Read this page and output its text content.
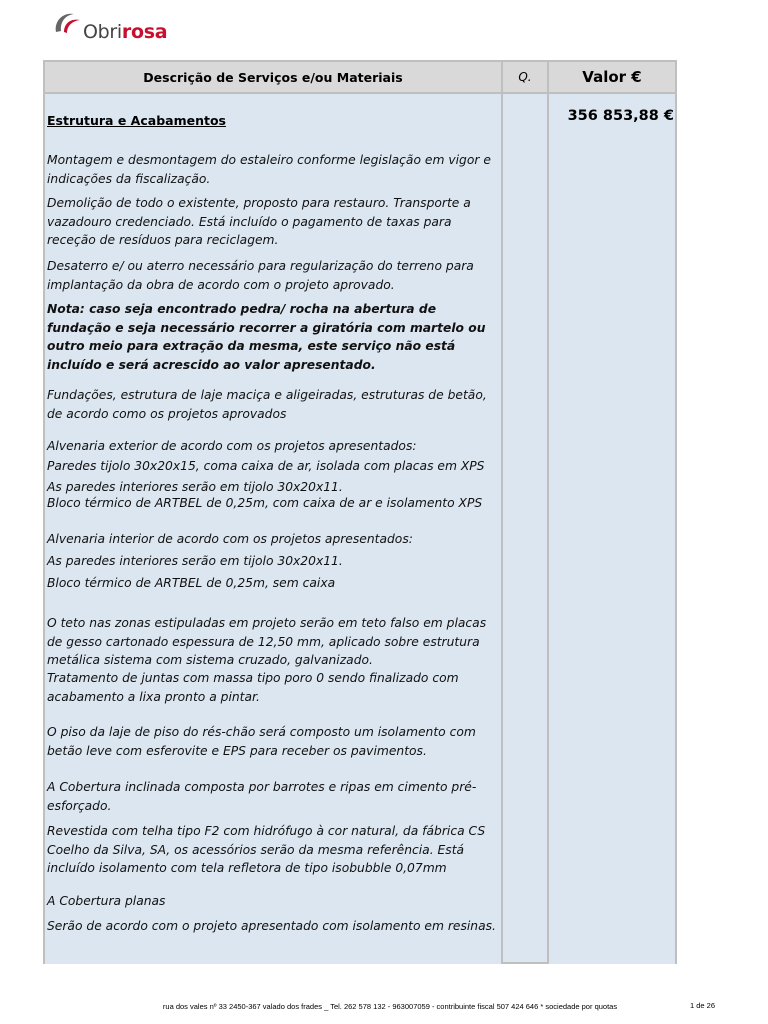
Obrirosa
Descrição de Serviços e/ou Materiais	Q.	Valor €
Estrutura e Acabamentos	356 853,88 €

Montagem e desmontagem do estaleiro conforme legislação em vigor e indicações da fiscalização.

Demolição de todo o existente, proposto para restauro. Transporte a vazadouro credenciado. Está incluído o pagamento de taxas para receção de resíduos para reciclagem.

Desaterro e/ ou aterro necessário para regularização do terreno para implantação da obra de acordo com o projeto aprovado.

Nota: caso seja encontrado pedra/ rocha na abertura de fundação e seja necessário recorrer a giratória com martelo ou outro meio para extração da mesma, este serviço não está incluído e será acrescido ao valor apresentado.

Fundações, estrutura de laje maciça e aligeiradas, estruturas de betão, de acordo como os projetos aprovados

Alvenaria exterior de acordo com os projetos apresentados:

Paredes tijolo 30x20x15, coma caixa de ar, isolada com placas em XPS

As paredes interiores serão em tijolo 30x20x11.

Bloco térmico de ARTBEL de 0,25m, com caixa de ar e isolamento XPS

Alvenaria interior de acordo com os projetos apresentados:

As paredes interiores serão em tijolo 30x20x11.

Bloco térmico de ARTBEL de 0,25m, sem caixa

O teto nas zonas estipuladas em projeto serão em teto falso em placas de gesso cartonado espessura de 12,50 mm, aplicado sobre estrutura metálica sistema com sistema cruzado, galvanizado.

Tratamento de juntas com massa tipo poro 0 sendo finalizado com acabamento a lixa pronto a pintar.

O piso da laje de piso do rés-chão será composto um isolamento com betão leve com esferovite e EPS para receber os pavimentos.

A Cobertura inclinada composta por barrotes e ripas em cimento pré-esforçado.

Revestida com telha tipo F2 com hidrófugo à cor natural, da fábrica CS Coelho da Silva, SA, os acessórios serão da mesma referência. Está incluído isolamento com tela refletora de tipo isobubble 0,07mm

A Cobertura planas

Serão de acordo com o projeto apresentado com isolamento em resinas.

rua dos vales nº 33 2450-367 valado dos frades _ Tel. 262 578 132 - 963007059 - contribuinte fiscal 507 424 646 * sociedade por quotas	1 de 26
